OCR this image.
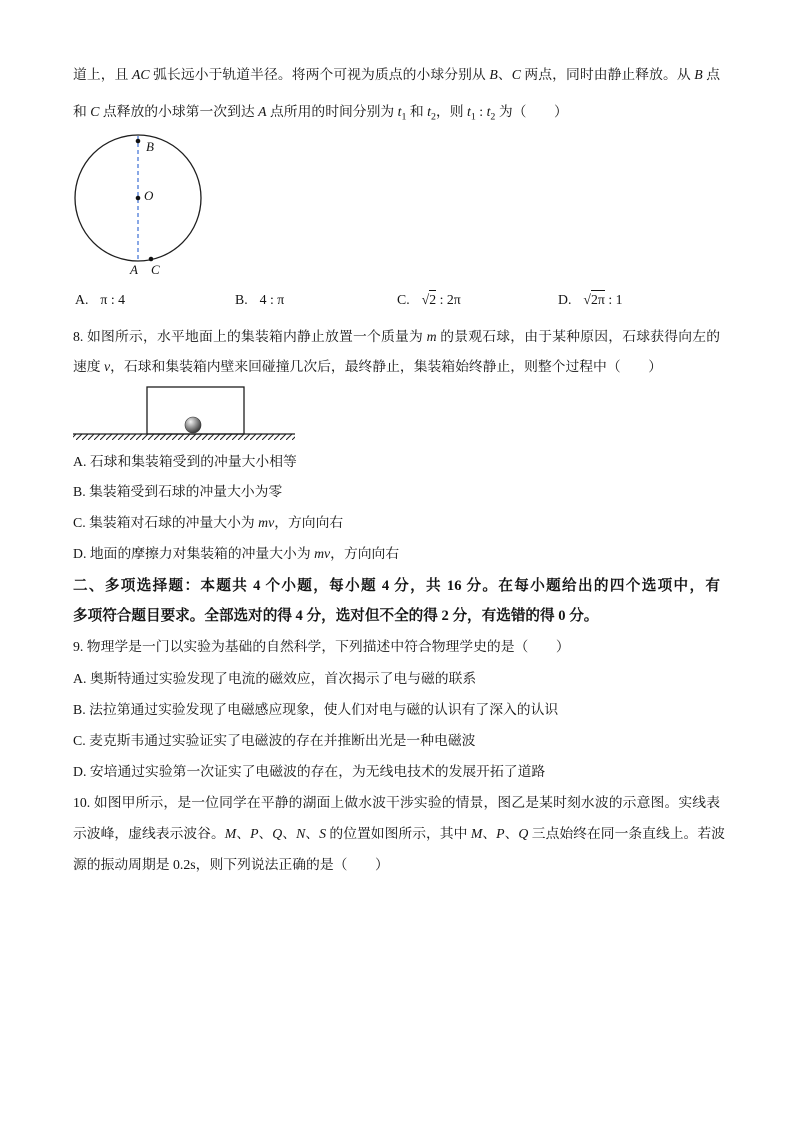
道上，且 AC 弧长远小于轨道半径。将两个可视为质点的小球分别从 B、C 两点，同时由静止释放。从 B 点
和 C 点释放的小球第一次到达 A 点所用的时间分别为 $t_1$ 和 $t_2$，则 $t_1$ : $t_2$ 为（　　）
B
O
A C
A. π : 4	B. 4 : π	C. √2 : 2π	D. √2π : 1
8. 如图所示，水平地面上的集装箱内静止放置一个质量为 m 的景观石球，由于某种原因，石球获得向左的
速度 v，石球和集装箱内壁来回碰撞几次后，最终静止，集装箱始终静止，则整个过程中（　　）
A. 石球和集装箱受到的冲量大小相等
B. 集装箱受到石球的冲量大小为零
C. 集装箱对石球的冲量大小为 mv，方向向右
D. 地面的摩擦力对集装箱的冲量大小为 mv，方向向右
二、多项选择题：本题共 4 个小题，每小题 4 分，共 16 分。在每小题给出的四个选项中，有
多项符合题目要求。全部选对的得 4 分，选对但不全的得 2 分，有选错的得 0 分。
9. 物理学是一门以实验为基础的自然科学，下列描述中符合物理学史的是（　　）
A. 奥斯特通过实验发现了电流的磁效应，首次揭示了电与磁的联系
B. 法拉第通过实验发现了电磁感应现象，使人们对电与磁的认识有了深入的认识
C. 麦克斯韦通过实验证实了电磁波的存在并推断出光是一种电磁波
D. 安培通过实验第一次证实了电磁波的存在，为无线电技术的发展开拓了道路
10. 如图甲所示，是一位同学在平静的湖面上做水波干涉实验的情景，图乙是某时刻水波的示意图。实线表
示波峰，虚线表示波谷。M、P、Q、N、S 的位置如图所示，其中 M、P、Q 三点始终在同一条直线上。若波
源的振动周期是 0.2s，则下列说法正确的是（　　）
